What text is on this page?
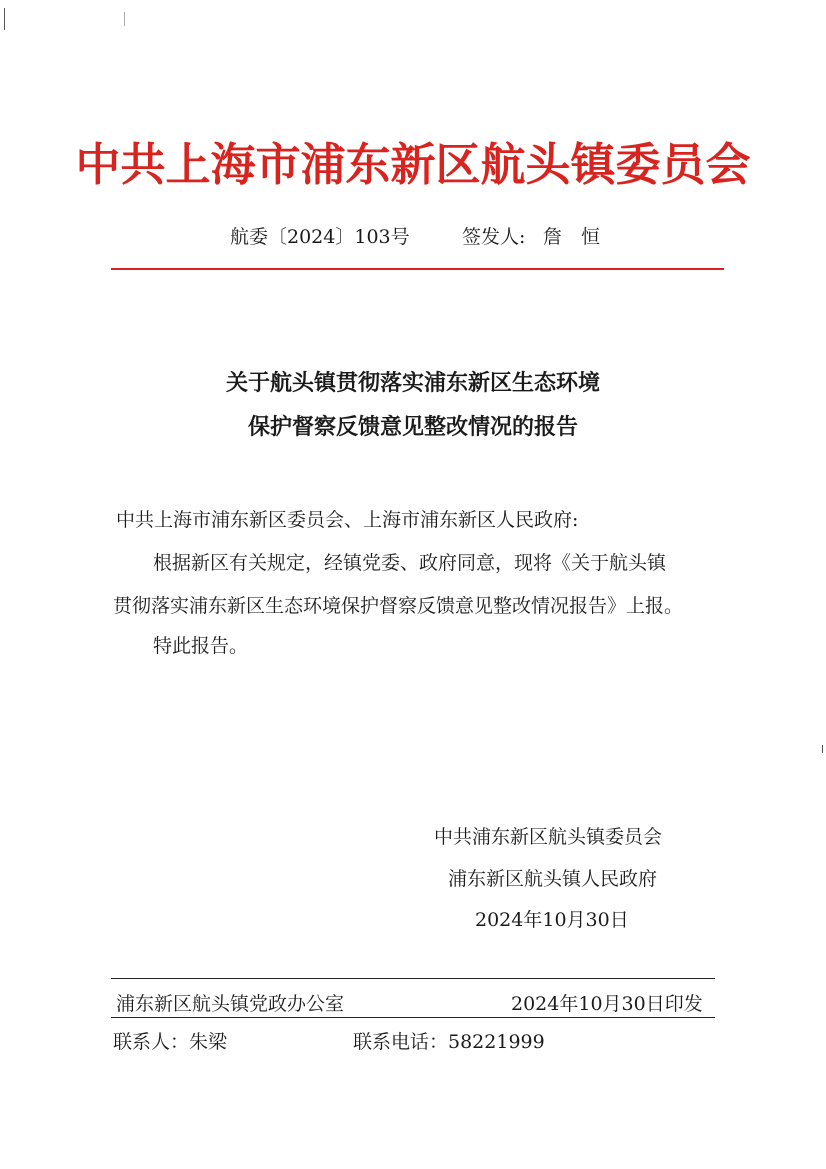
中共上海市浦东新区航头镇委员会
航委〔2024〕103号	签发人: 詹　恒
关于航头镇贯彻落实浦东新区生态环境
保护督察反馈意见整改情况的报告
中共上海市浦东新区委员会、上海市浦东新区人民政府:
根据新区有关规定，经镇党委、政府同意，现将《关于航头镇
贯彻落实浦东新区生态环境保护督察反馈意见整改情况报告》上报。
特此报告。
中共浦东新区航头镇委员会
浦东新区航头镇人民政府
2024年10月30日
浦东新区航头镇党政办公室	2024年10月30日印发
联系人：朱梁	联系电话：58221999
